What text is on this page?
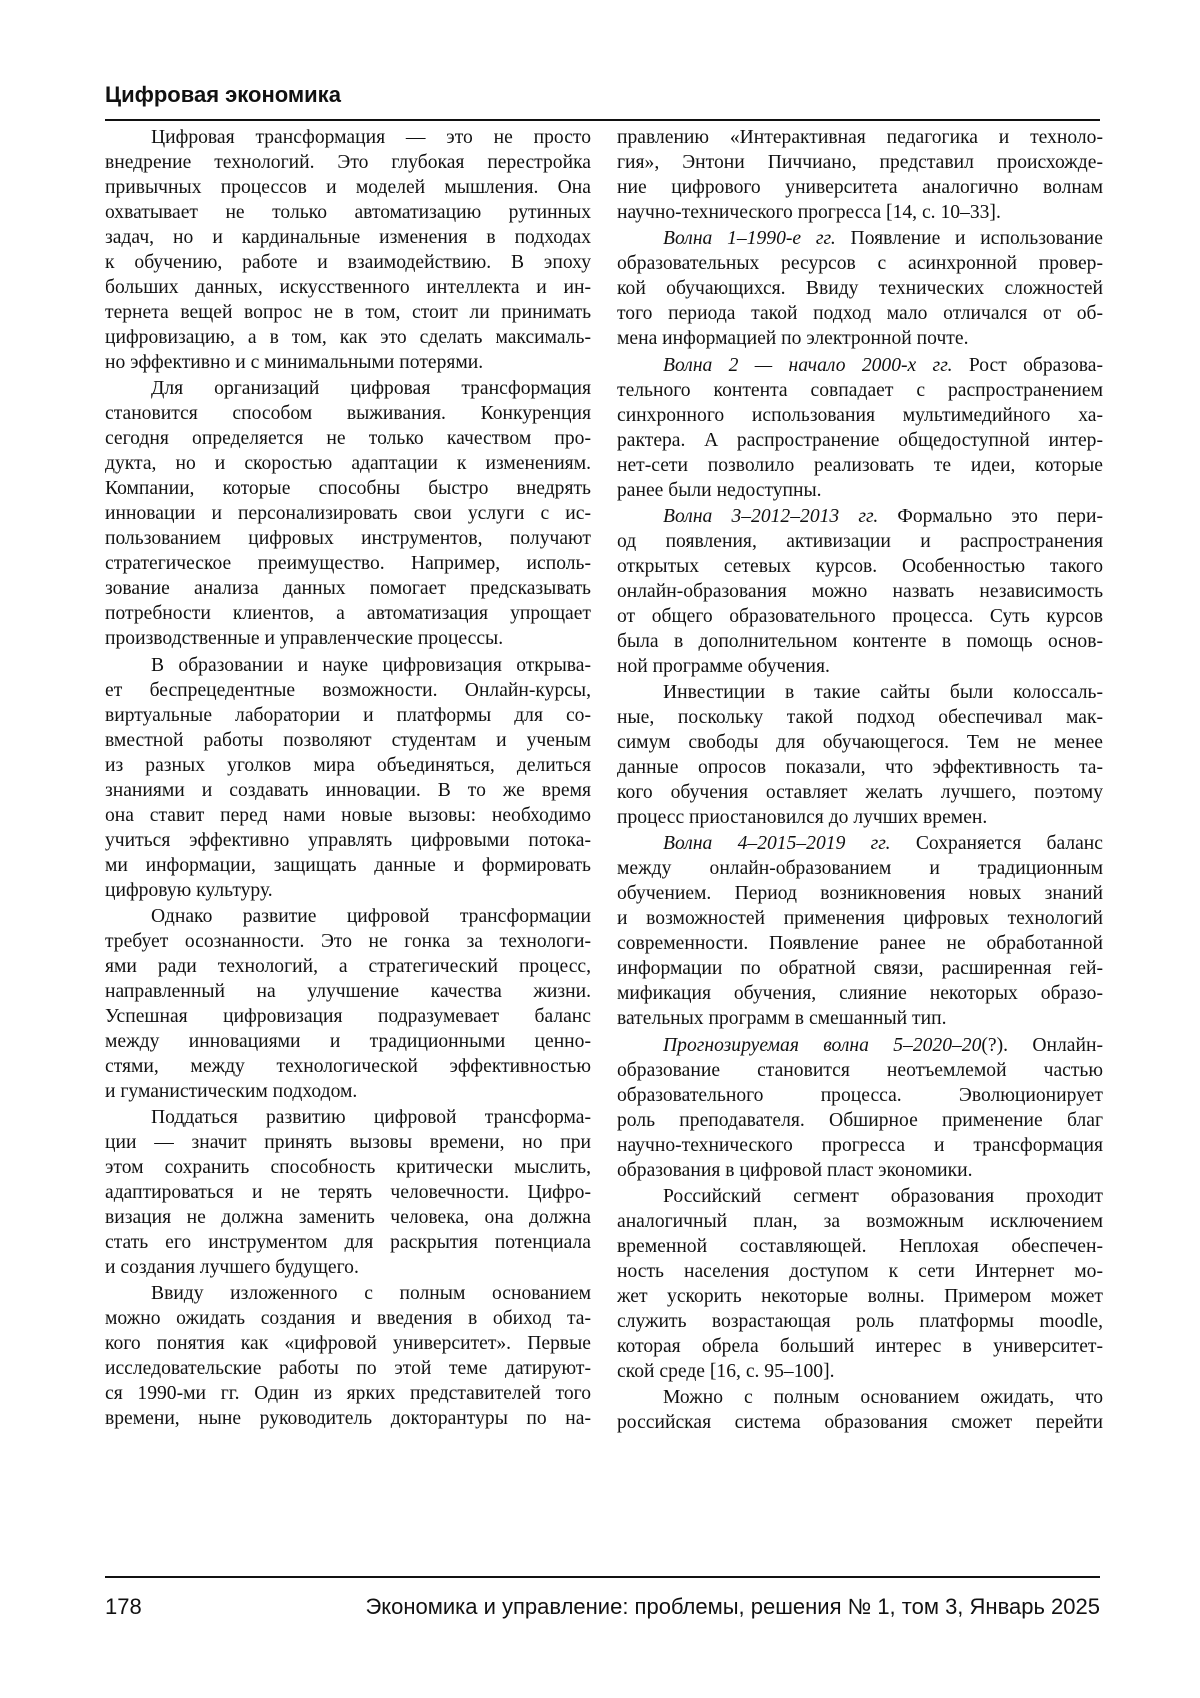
Цифровая экономика
Цифровая трансформация — это не просто
внедрение технологий. Это глубокая перестройка
привычных процессов и моделей мышления. Она
охватывает не только автоматизацию рутинных
задач, но и кардинальные изменения в подходах
к обучению, работе и взаимодействию. В эпоху
больших данных, искусственного интеллекта и ин-
тернета вещей вопрос не в том, стоит ли принимать
цифровизацию, а в том, как это сделать максималь-
но эффективно и с минимальными потерями.
Для организаций цифровая трансформация
становится способом выживания. Конкуренция
сегодня определяется не только качеством про-
дукта, но и скоростью адаптации к изменениям.
Компании, которые способны быстро внедрять
инновации и персонализировать свои услуги с ис-
пользованием цифровых инструментов, получают
стратегическое преимущество. Например, исполь-
зование анализа данных помогает предсказывать
потребности клиентов, а автоматизация упрощает
производственные и управленческие процессы.
В образовании и науке цифровизация открыва-
ет беспрецедентные возможности. Онлайн-курсы,
виртуальные лаборатории и платформы для со-
вместной работы позволяют студентам и ученым
из разных уголков мира объединяться, делиться
знаниями и создавать инновации. В то же время
она ставит перед нами новые вызовы: необходимо
учиться эффективно управлять цифровыми потока-
ми информации, защищать данные и формировать
цифровую культуру.
Однако развитие цифровой трансформации
требует осознанности. Это не гонка за технологи-
ями ради технологий, а стратегический процесс,
направленный на улучшение качества жизни.
Успешная цифровизация подразумевает баланс
между инновациями и традиционными ценно-
стями, между технологической эффективностью
и гуманистическим подходом.
Поддаться развитию цифровой трансформа-
ции — значит принять вызовы времени, но при
этом сохранить способность критически мыслить,
адаптироваться и не терять человечности. Цифро-
визация не должна заменить человека, она должна
стать его инструментом для раскрытия потенциала
и создания лучшего будущего.
Ввиду изложенного с полным основанием
можно ожидать создания и введения в обиход та-
кого понятия как «цифровой университет». Первые
исследовательские работы по этой теме датируют-
ся 1990-ми гг. Один из ярких представителей того
времени, ныне руководитель докторантуры по на-
правлению «Интерактивная педагогика и техноло-
гия», Энтони Пиччиано, представил происхожде-
ние цифрового университета аналогично волнам
научно-технического прогресса [14, с. 10–33].
Волна 1–1990-е гг. Появление и использование
образовательных ресурсов с асинхронной провер-
кой обучающихся. Ввиду технических сложностей
того периода такой подход мало отличался от об-
мена информацией по электронной почте.
Волна 2 — начало 2000-х гг. Рост образова-
тельного контента совпадает с распространением
синхронного использования мультимедийного ха-
рактера. А распространение общедоступной интер-
нет-сети позволило реализовать те идеи, которые
ранее были недоступны.
Волна 3–2012–2013 гг. Формально это пери-
од появления, активизации и распространения
открытых сетевых курсов. Особенностью такого
онлайн-образования можно назвать независимость
от общего образовательного процесса. Суть курсов
была в дополнительном контенте в помощь основ-
ной программе обучения.
Инвестиции в такие сайты были колоссаль-
ные, поскольку такой подход обеспечивал мак-
симум свободы для обучающегося. Тем не менее
данные опросов показали, что эффективность та-
кого обучения оставляет желать лучшего, поэтому
процесс приостановился до лучших времен.
Волна 4–2015–2019 гг. Сохраняется баланс
между онлайн-образованием и традиционным
обучением. Период возникновения новых знаний
и возможностей применения цифровых технологий
современности. Появление ранее не обработанной
информации по обратной связи, расширенная гей-
мификация обучения, слияние некоторых образо-
вательных программ в смешанный тип.
Прогнозируемая волна 5–2020–20(?). Онлайн-
образование становится неотъемлемой частью
образовательного процесса. Эволюционирует
роль преподавателя. Обширное применение благ
научно-технического прогресса и трансформация
образования в цифровой пласт экономики.
Российский сегмент образования проходит
аналогичный план, за возможным исключением
временной составляющей. Неплохая обеспечен-
ность населения доступом к сети Интернет мо-
жет ускорить некоторые волны. Примером может
служить возрастающая роль платформы moodle,
которая обрела больший интерес в университет-
ской среде [16, с. 95–100].
Можно с полным основанием ожидать, что
российская система образования сможет перейти
178	Экономика и управление: проблемы, решения № 1, том 3, Январь 2025
